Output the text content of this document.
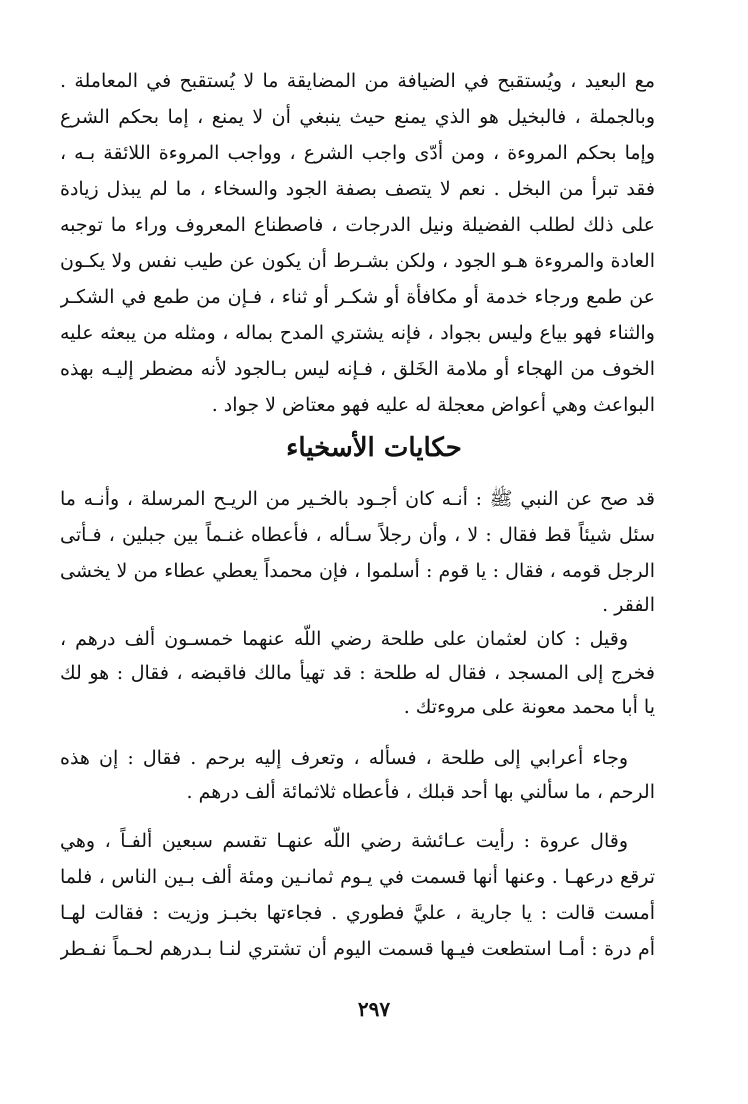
مع البعيد ، ويُستقبح في الضيافة من المضايقة ما لا يُستقبح في المعاملة .
وبالجملة ، فالبخيل هو الذي يمنع حيث ينبغي أن لا يمنع ، إما بحكم الشرع
وإما بحكم المروءة ، ومن أدّى واجب الشرع ، وواجب المروءة اللائقة بـه ،
فقد تبرأ من البخل . نعم لا يتصف بصفة الجود والسخاء ، ما لم يبذل زيادة
على ذلك لطلب الفضيلة ونيل الدرجات ، فاصطناع المعروف وراء ما توجبه
العادة والمروءة هـو الجود ، ولكن بشـرط أن يكون عن طيب نفس ولا يكـون
عن طمع ورجاء خدمة أو مكافأة أو شكـر أو ثناء ، فـإن من طمع في الشكـر
والثناء فهو بياع وليس بجواد ، فإنه يشتري المدح بماله ، ومثله من يبعثه عليه
الخوف من الهجاء أو ملامة الخَلق ، فـإنه ليس بـالجود لأنه مضطر إليـه بهذه
البواعث وهي أعواض معجلة له عليه فهو معتاض لا جواد .
حكايات الأسخياء
قد صح عن النبي ﷺ : أنـه كان أجـود بالخـير من الريـح المرسلة ، وأنـه ما
سئل شيئاً قط فقال : لا ، وأن رجلاً سـأله ، فأعطاه غنـماً بين جبلين ، فـأتى
الرجل قومه ، فقال : يا قوم : أسلموا ، فإن محمداً يعطي عطاء من لا يخشى
الفقر .
وقيل : كان لعثمان على طلحة رضي اللّه عنهما خمسـون ألف درهم ،
فخرج إلى المسجد ، فقال له طلحة : قد تهيأ مالك فاقبضه ، فقال : هو لك
يا أبا محمد معونة على مروءتك .
وجاء أعرابي إلى طلحة ، فسأله ، وتعرف إليه برحم . فقال : إن هذه
الرحم ، ما سألني بها أحد قبلك ، فأعطاه ثلاثمائة ألف درهم .
وقال عروة : رأيت عـائشة رضي اللّه عنهـا تقسم سبعين ألفـاً ، وهي
ترقع درعهـا . وعنها أنها قسمت في يـوم ثمانـين ومئة ألف بـين الناس ، فلما
أمست قالت : يا جارية ، عليَّ فطوري . فجاءتها بخبـز وزيت : فقالت لهـا
أم درة : أمـا استطعت فيـها قسمت اليوم أن تشتري لنـا بـدرهم لحـماً نفـطر
٢٩٧
